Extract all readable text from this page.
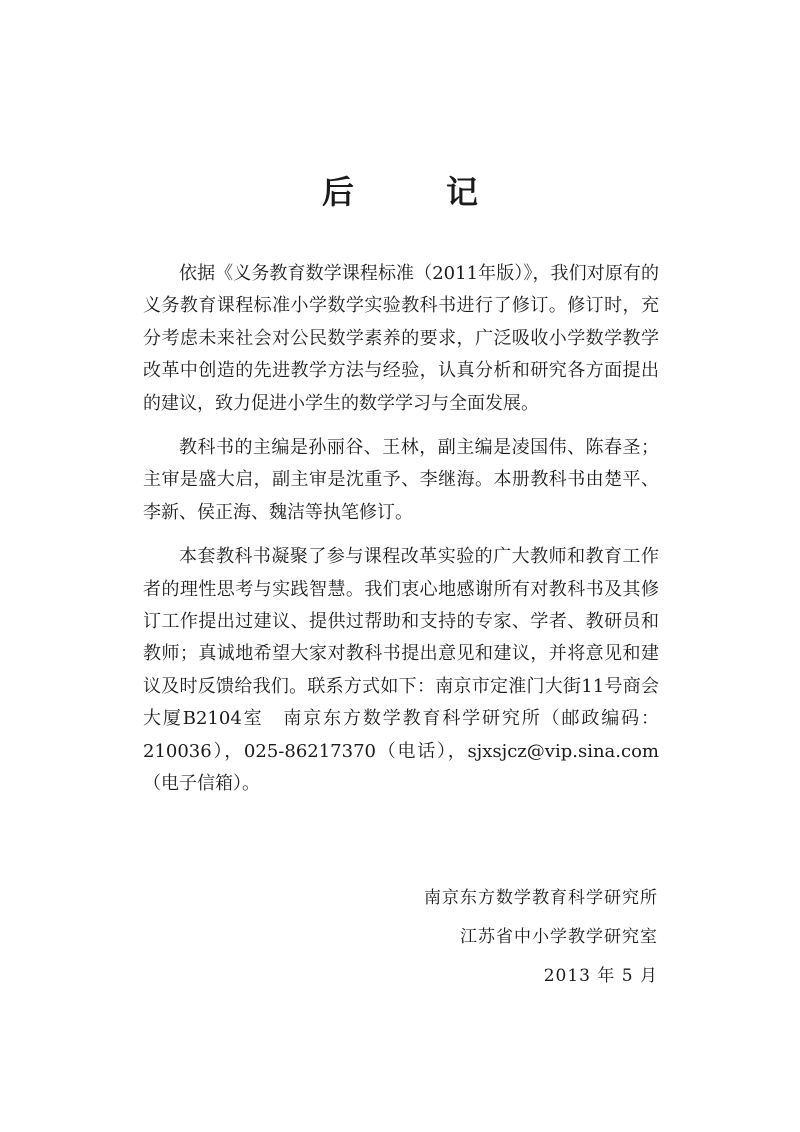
后　记

依据《义务教育数学课程标准（2011年版）》，我们对原有的义务教育课程标准小学数学实验教科书进行了修订。修订时，充分考虑未来社会对公民数学素养的要求，广泛吸收小学数学教学改革中创造的先进教学方法与经验，认真分析和研究各方面提出的建议，致力促进小学生的数学学习与全面发展。

教科书的主编是孙丽谷、王林，副主编是凌国伟、陈春圣；主审是盛大启，副主审是沈重予、李继海。本册教科书由楚平、李新、侯正海、魏洁等执笔修订。

本套教科书凝聚了参与课程改革实验的广大教师和教育工作者的理性思考与实践智慧。我们衷心地感谢所有对教科书及其修订工作提出过建议、提供过帮助和支持的专家、学者、教研员和教师；真诚地希望大家对教科书提出意见和建议，并将意见和建议及时反馈给我们。联系方式如下：南京市定淮门大街11号商会大厦B2104室　南京东方数学教育科学研究所（邮政编码：210036），025-86217370（电话），sjxsjcz@vip.sina.com（电子信箱）。

南京东方数学教育科学研究所
江苏省中小学教学研究室
2013 年 5 月
